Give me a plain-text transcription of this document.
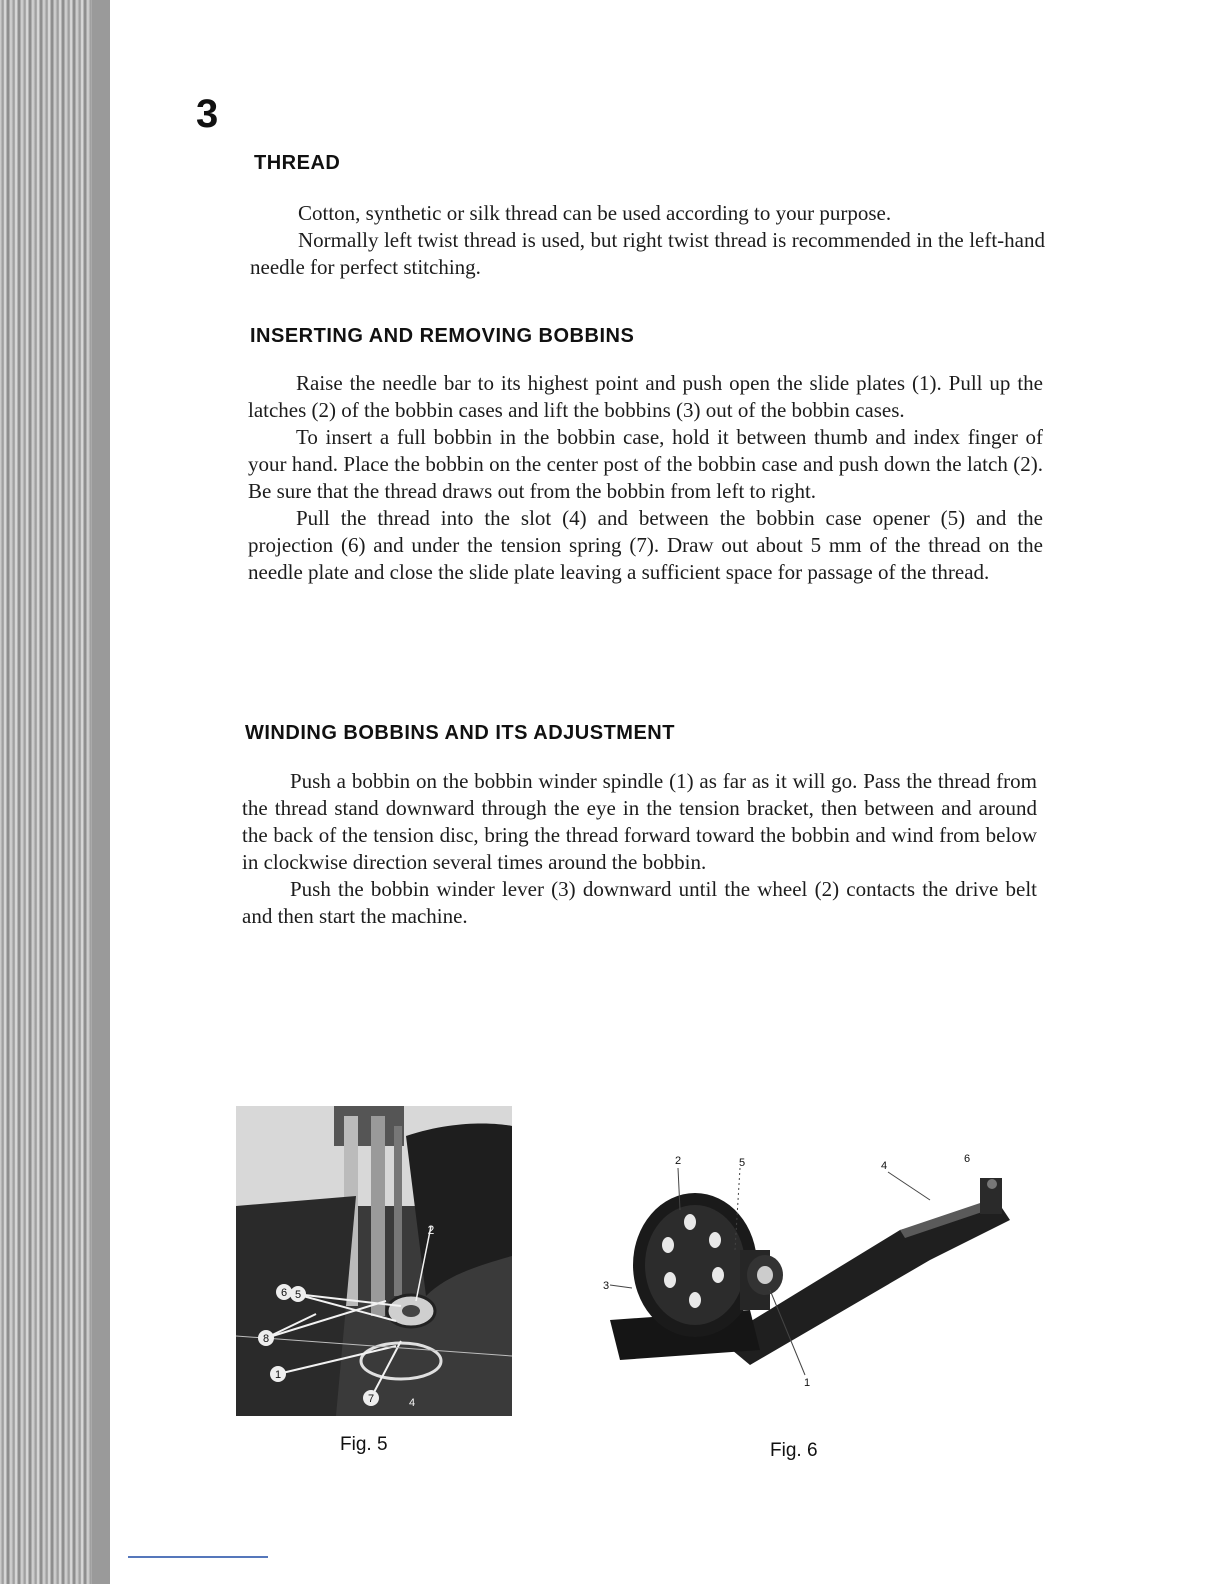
3
THREAD

Cotton, synthetic or silk thread can be used according to your purpose.

Normally left twist thread is used, but right twist thread is recommended in the left-hand needle for perfect stitching.

INSERTING AND REMOVING BOBBINS

Raise the needle bar to its highest point and push open the slide plates (1). Pull up the latches (2) of the bobbin cases and lift the bobbins (3) out of the bobbin cases.

To insert a full bobbin in the bobbin case, hold it between thumb and index finger of your hand. Place the bobbin on the center post of the bobbin case and push down the latch (2). Be sure that the thread draws out from the bobbin from left to right.

Pull the thread into the slot (4) and between the bobbin case opener (5) and the projection (6) and under the tension spring (7). Draw out about 5 mm of the thread on the needle plate and close the slide plate leaving a sufficient space for passage of the thread.

WINDING BOBBINS AND ITS ADJUSTMENT

Push a bobbin on the bobbin winder spindle (1) as far as it will go. Pass the thread from the thread stand downward through the eye in the tension bracket, then between and around the back of the tension disc, bring the thread forward toward the bobbin and wind from below in clockwise direction several times around the bobbin.

Push the bobbin winder lever (3) downward until the wheel (2) contacts the drive belt and then start the machine.

5
6
8
1
7
2
4
Fig. 5
2	5	4
6
3
1
Fig. 6
